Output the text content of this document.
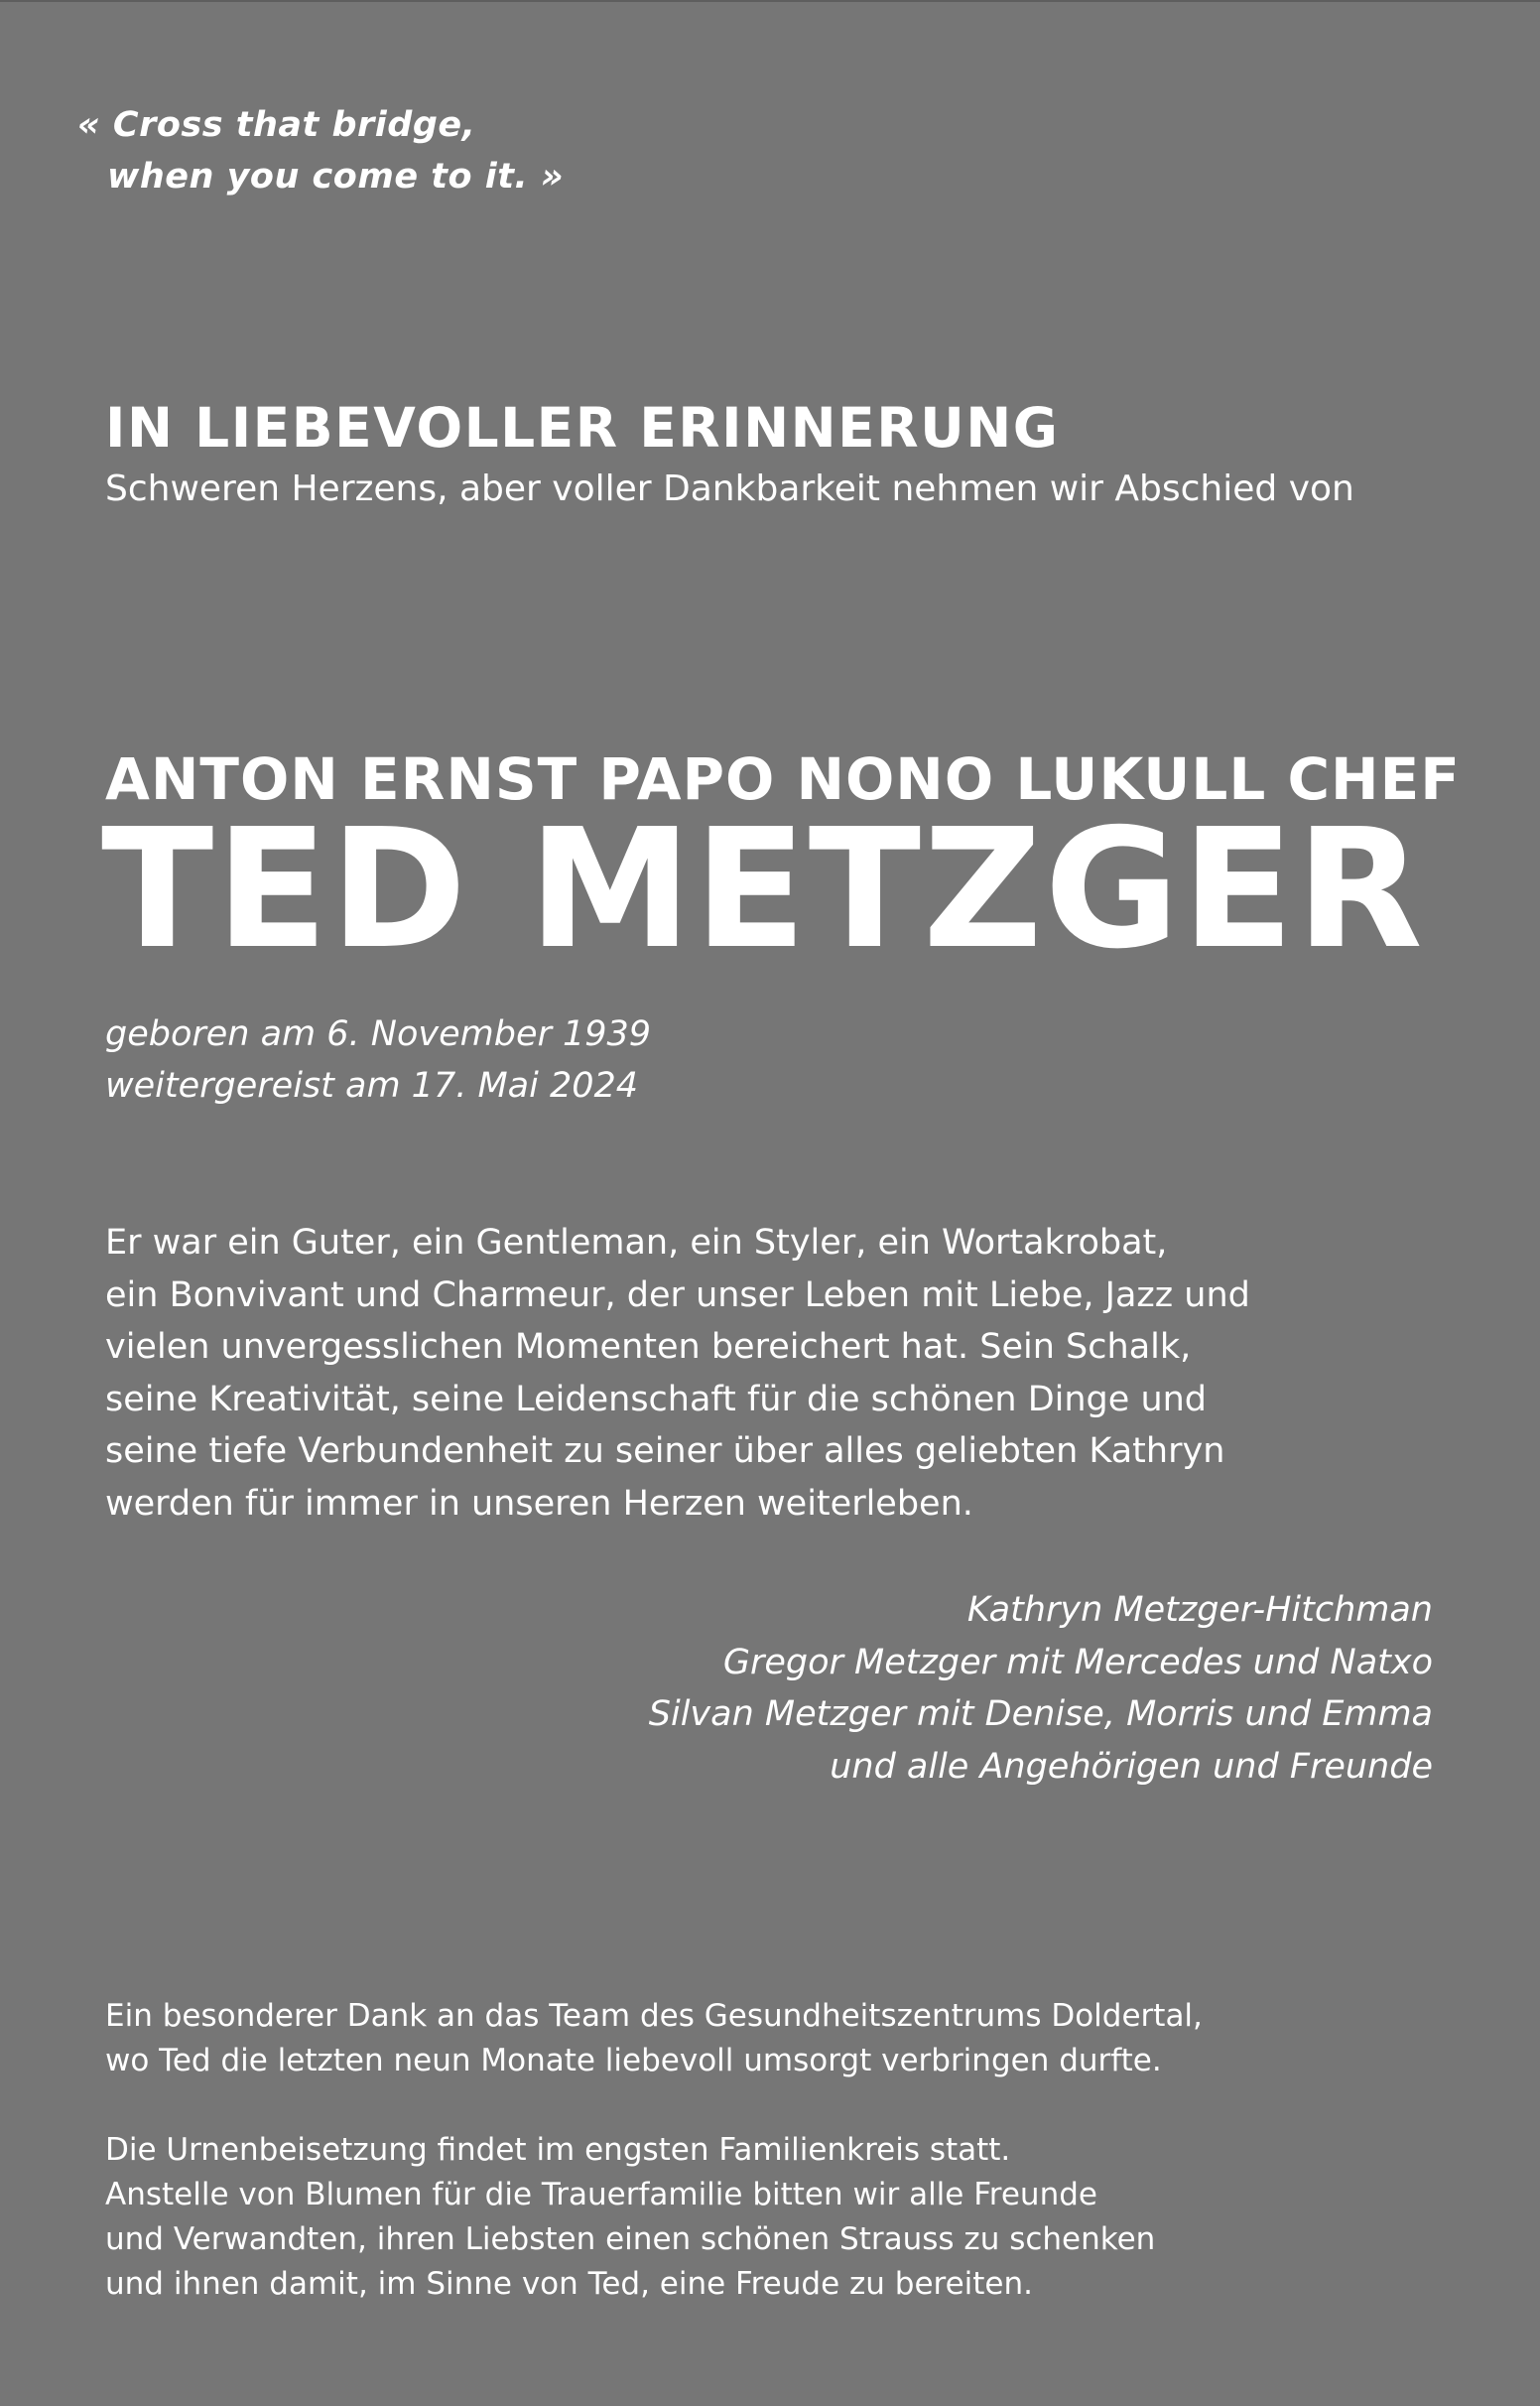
« Cross that bridge,
when you come to it. »
IN LIEBEVOLLER ERINNERUNG
Schweren Herzens, aber voller Dankbarkeit nehmen wir Abschied von
ANTON ERNST PAPO NONO LUKULL CHEF
TED METZGER
geboren am 6. November 1939
weitergereist am 17. Mai 2024
Er war ein Guter, ein Gentleman, ein Styler, ein Wortakrobat,
ein Bonvivant und Charmeur, der unser Leben mit Liebe, Jazz und
vielen unvergesslichen Momenten bereichert hat. Sein Schalk,
seine Kreativität, seine Leidenschaft für die schönen Dinge und
seine tiefe Verbundenheit zu seiner über alles geliebten Kathryn
werden für immer in unseren Herzen weiterleben.
Kathryn Metzger-Hitchman
Gregor Metzger mit Mercedes und Natxo
Silvan Metzger mit Denise, Morris und Emma
und alle Angehörigen und Freunde
Ein besonderer Dank an das Team des Gesundheitszentrums Doldertal,
wo Ted die letzten neun Monate liebevoll umsorgt verbringen durfte.
Die Urnenbeisetzung findet im engsten Familienkreis statt.
Anstelle von Blumen für die Trauerfamilie bitten wir alle Freunde
und Verwandten, ihren Liebsten einen schönen Strauss zu schenken
und ihnen damit, im Sinne von Ted, eine Freude zu bereiten.
